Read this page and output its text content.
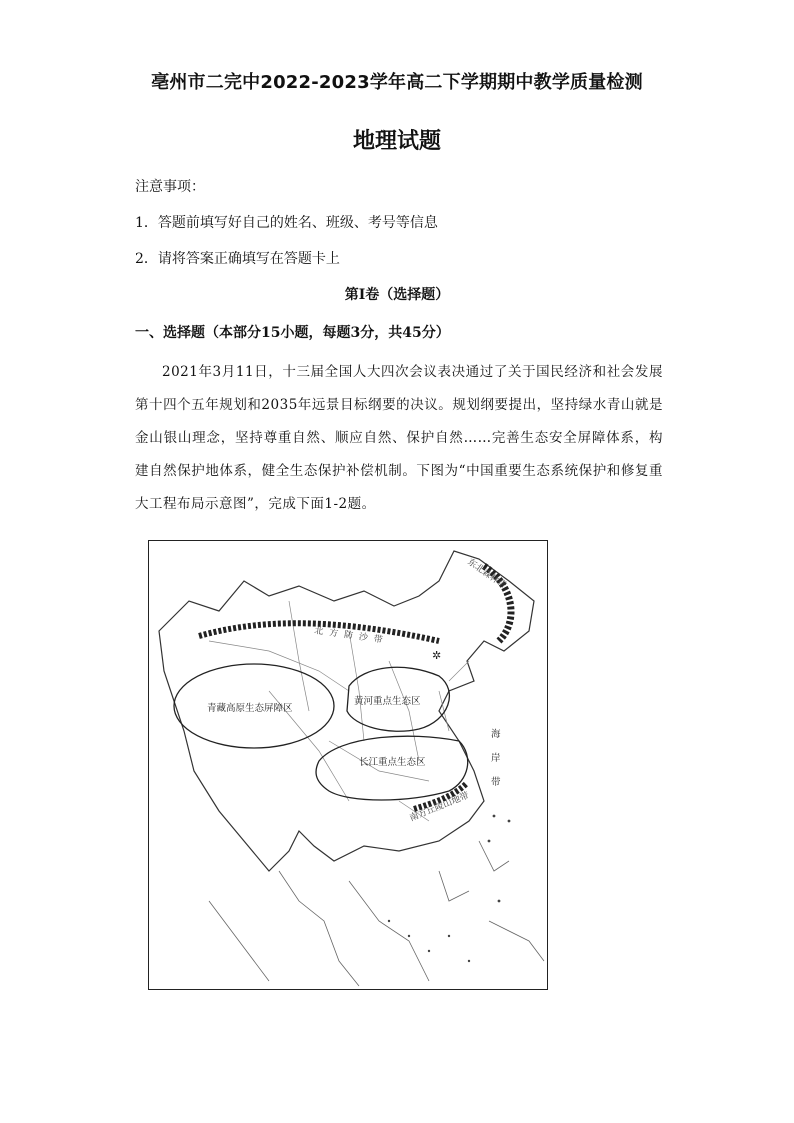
亳州市二完中2022-2023学年高二下学期期中教学质量检测
地理试题
注意事项：
1．答题前填写好自己的姓名、班级、考号等信息
2．请将答案正确填写在答题卡上
第I卷（选择题）
一、选择题（本部分15小题，每题3分，共45分）
2021年3月11日，十三届全国人大四次会议表决通过了关于国民经济和社会发展第十四个五年规划和2035年远景目标纲要的决议。规划纲要提出，坚持绿水青山就是金山银山理念，坚持尊重自然、顺应自然、保护自然……完善生态安全屏障体系，构建自然保护地体系，健全生态保护补偿机制。下图为“中国重要生态系统保护和修复重大工程布局示意图”，完成下面1-2题。
✲
东北森林带
北方防沙带
青藏高原生态屏障区
黄河重点生态区
长江重点生态区
海
岸
带
南方丘陵山地带
